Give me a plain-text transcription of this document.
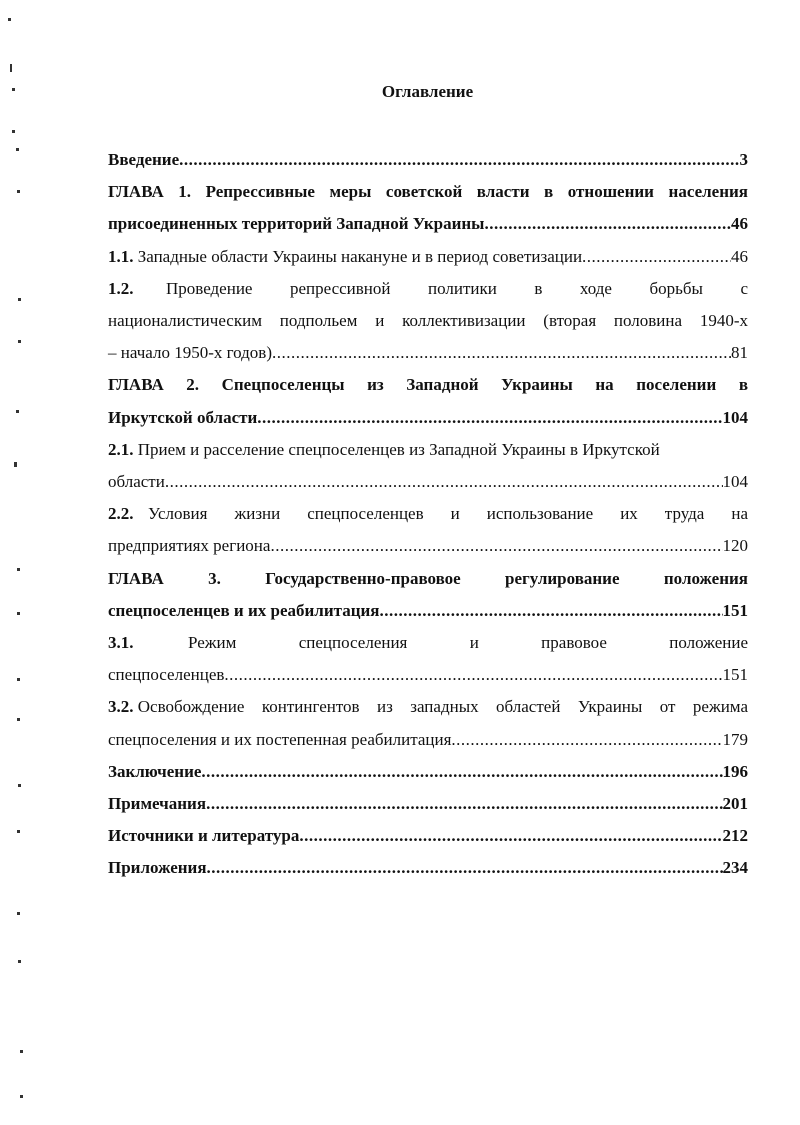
Оглавление
Введение .....	3
ГЛАВА 1. Репрессивные меры советской власти в отношении населения
присоединенных территорий Западной Украины .....	46
1.1.
Западные области Украины накануне и в период советизации .....	46
1.2.	Проведение репрессивной политики в ходе борьбы с
националистическим подпольем и коллективизации (вторая половина 1940-х
– начало 1950-х годов) .....	81
ГЛАВА 2. Спецпоселенцы из Западной Украины на поселении в
Иркутской области .....	104
2.1. Прием и расселение спецпоселенцев из Западной Украины в Иркутской
области .....	104
2.2. Условия жизни спецпоселенцев и использование их труда на
предприятиях региона .....	120
ГЛАВА 3. Государственно-правовое регулирование положения
спецпоселенцев и их реабилитация .....	151
3.1.	Режим спецпоселения и правовое положение
спецпоселенцев .....	151
3.2.
Освобождение контингентов из западных областей Украины от режима
спецпоселения и их постепенная реабилитация .....	179
Заключение .....	196
Примечания .....	201
Источники и литература .....	212
Приложения .....	234
